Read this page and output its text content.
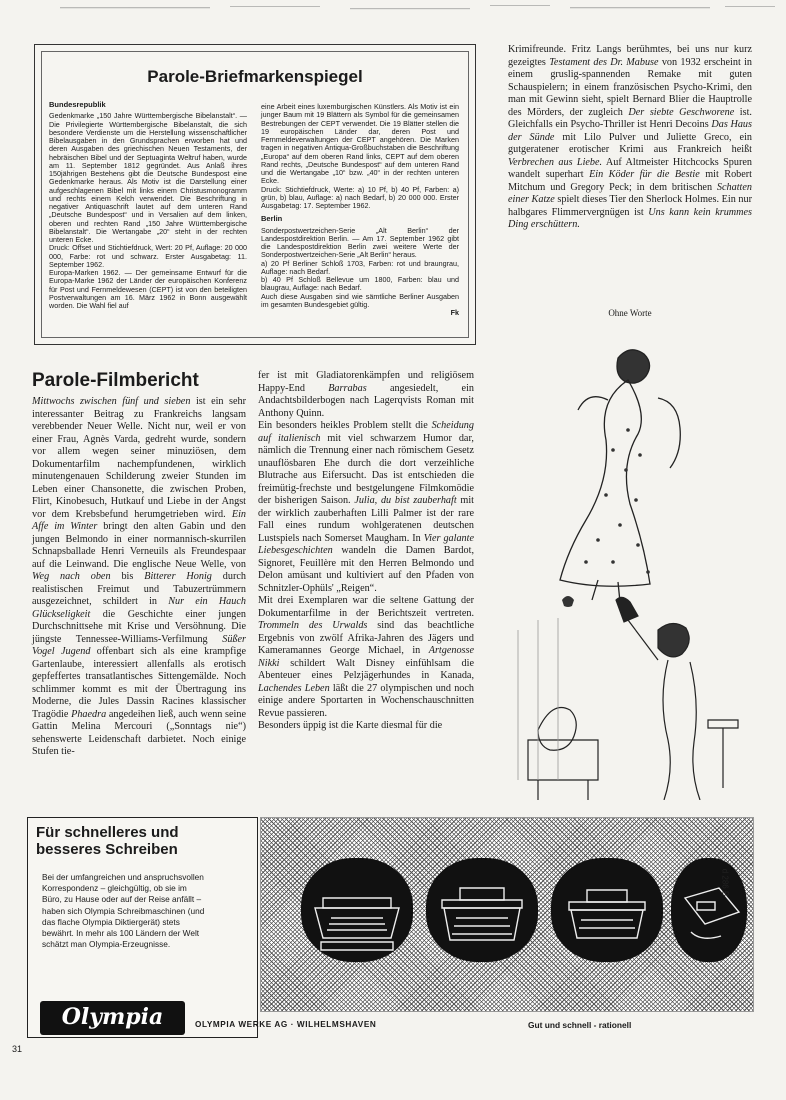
Parole-Briefmarkenspiegel

Bundesrepublik

Gedenkmarke „150 Jahre Württembergische Bibelanstalt“. — Die Privilegierte Württembergische Bibelanstalt, die sich besondere Verdienste um die Herstellung wissenschaftlicher Bibelausgaben in den Grundsprachen erworben hat und deren Ausgaben des griechischen Neuen Testaments, der hebräischen Bibel und der Septuaginta Weltruf haben, wurde am 11. September 1812 gegründet. Aus Anlaß ihres 150jährigen Bestehens gibt die Deutsche Bundespost eine Gedenkmarke heraus. Als Motiv ist die Darstellung einer aufgeschlagenen Bibel mit links einem Christusmonogramm und rechts einem Kelch verwendet. Die Beschriftung in negativer Antiquaschrift lautet auf dem unteren Rand „Deutsche Bundespost“ und in Versalien auf dem linken, oberen und rechten Rand „150 Jahre Württembergische Bibelanstalt“. Die Wertangabe „20“ steht in der rechten unteren Ecke.

Druck: Offset und Stichtiefdruck, Wert: 20 Pf, Auflage: 20 000 000, Farbe: rot und schwarz. Erster Ausgabetag: 11. September 1962.

Europa-Marken 1962. — Der gemeinsame Entwurf für die Europa-Marke 1962 der Länder der europäischen Konferenz für Post und Fernmeldewesen (CEPT) ist von den beteiligten Postverwaltungen am 16. März 1962 in Bonn ausgewählt worden. Die Wahl fiel auf

eine Arbeit eines luxemburgischen Künstlers. Als Motiv ist ein junger Baum mit 19 Blättern als Symbol für die gemeinsamen Bestrebungen der CEPT verwendet. Die 19 Blätter stellen die 19 europäischen Länder dar, deren Post und Fernmeldeverwaltungen der CEPT angehören. Die Marken tragen in negativen Antiqua-Großbuchstaben die Beschriftung „Europa“ auf dem oberen Rand links, CEPT auf dem oberen Rand rechts, „Deutsche Bundespost“ auf dem unteren Rand und die Wertangabe „10“ bzw. „40“ in der rechten unteren Ecke.

Druck: Stichtiefdruck, Werte: a) 10 Pf, b) 40 Pf, Farben: a) grün, b) blau, Auflage: a) nach Bedarf, b) 20 000 000. Erster Ausgabetag: 17. September 1962.

Berlin

Sonderpostwertzeichen-Serie „Alt Berlin“ der Landespostdirektion Berlin. — Am 17. September 1962 gibt die Landespostdirektion Berlin zwei weitere Werte der Sonderpostwertzeichen-Serie „Alt Berlin“ heraus.

a) 20 Pf Berliner Schloß 1703, Farben: rot und braungrau, Auflage: nach Bedarf.

b) 40 Pf Schloß Bellevue um 1800, Farben: blau und blaugrau, Auflage: nach Bedarf.

Auch diese Ausgaben sind wie sämtliche Berliner Ausgaben im gesamten Bundesgebiet gültig.

Fk

Parole-Filmbericht
Mittwochs zwischen fünf und sieben ist ein sehr interessanter Beitrag zu Frankreichs langsam verebbender Neuer Welle. Nicht nur, weil er von einer Frau, Agnès Varda, gedreht wurde, sondern vor allem wegen seiner minuziösen, dem Dokumentarfilm nachempfundenen, wirklich minutengenauen Schilderung zweier Stunden im Leben einer Chansonette, die zwischen Proben, Flirt, Kinobesuch, Hutkauf und Liebe in der Angst vor dem Krebsbefund herumgetrieben wird. Ein Affe im Winter bringt den alten Gabin und den jungen Belmondo in einer normannisch-skurrilen Schnapsballade Henri Verneuils als Freundespaar auf die Leinwand. Die englische Neue Welle, von Weg nach oben bis Bitterer Honig durch realistischen Freimut und Tabuzertrümmern ausgezeichnet, schildert in Nur ein Hauch Glückseligkeit die Geschichte einer jungen Durchschnittsehe mit Krise und Versöhnung. Die jüngste Tennessee-Williams-Verfilmung Süßer Vogel Jugend offenbart sich als eine krampfige Gartenlaube, interessiert allenfalls als erotisch gepfeffertes transatlantisches Sittengemälde. Noch schlimmer kommt es mit der Übertragung ins Moderne, die Jules Dassin Racines klassischer Tragödie Phaedra angedeihen ließ, auch wenn seine Gattin Melina Mercouri („Sonntags nie“) sehenswerte Leidenschaft darbietet. Noch einige Stufen tie-
fer ist mit Gladiatorenkämpfen und religiösem Happy-End Barrabas angesiedelt, ein Andachtsbilderbogen nach Lagerqvists Roman mit Anthony Quinn.
Ein besonders heikles Problem stellt die Scheidung auf italienisch mit viel schwarzem Humor dar, nämlich die Trennung einer nach römischem Gesetz unauflösbaren Ehe durch die dort verzeihliche Blutrache aus Eifersucht. Das ist entschieden die freimütig-frechste und bestgelungene Filmkomödie der bisherigen Saison. Julia, du bist zauberhaft mit der wirklich zauberhaften Lilli Palmer ist der rare Fall eines rundum wohlgeratenen deutschen Lustspiels nach Somerset Maugham. In Vier galante Liebesgeschichten wandeln die Damen Bardot, Signoret, Feuillère mit den Herren Belmondo und Delon amüsant und kultiviert auf den Pfaden von Schnitzler-Ophüls' „Reigen“.
Mit drei Exemplaren war die seltene Gattung der Dokumentarfilme in der Berichtszeit vertreten. Trommeln des Urwalds sind das beachtliche Ergebnis von zwölf Afrika-Jahren des Jägers und Kameramannes George Michael, in Artgenosse Nikki schildert Walt Disney einfühlsam die Abenteuer eines Pelzjägerhundes in Kanada, Lachendes Leben läßt die 27 olympischen und noch einige andere Sportarten in Wochenschauschnitten Revue passieren.
Besonders üppig ist die Karte diesmal für die
Krimifreunde. Fritz Langs berühmtes, bei uns nur kurz gezeigtes Testament des Dr. Mabuse von 1932 erscheint in einem gruslig-spannenden Remake mit guten Schauspielern; in einem französischen Psycho-Krimi, den man mit Gewinn sieht, spielt Bernard Blier die Hauptrolle des Mörders, der zugleich Der siebte Geschworene ist. Gleichfalls ein Psycho-Thriller ist Henri Decoins Das Haus der Sünde mit Lilo Pulver und Juliette Greco, ein gutgeratener erotischer Krimi aus Frankreich heißt Verbrechen aus Liebe. Auf Altmeister Hitchcocks Spuren wandelt superhart Ein Köder für die Bestie mit Robert Mitchum und Gregory Peck; in dem britischen Schatten einer Katze spielt dieses Tier den Sherlock Holmes. Ein nur halbgares Flimmervergnügen ist Uns kann kein krummes Ding erschüttern.
Ohne Worte
Für schnelleres und besseres Schreiben
Bei der umfangreichen und anspruchsvollen Korrespondenz – gleichgültig, ob sie im Büro, zu Hause oder auf der Reise anfällt – haben sich Olympia Schreibmaschinen (und das flache Olympia Diktiergerät) stets bewährt. In mehr als 100 Ländern der Welt schätzt man Olympia-Erzeugnisse.
d 286 B
Olympia	OLYMPIA WERKE AG · WILHELMSHAVEN	Gut und schnell - rationell
31
